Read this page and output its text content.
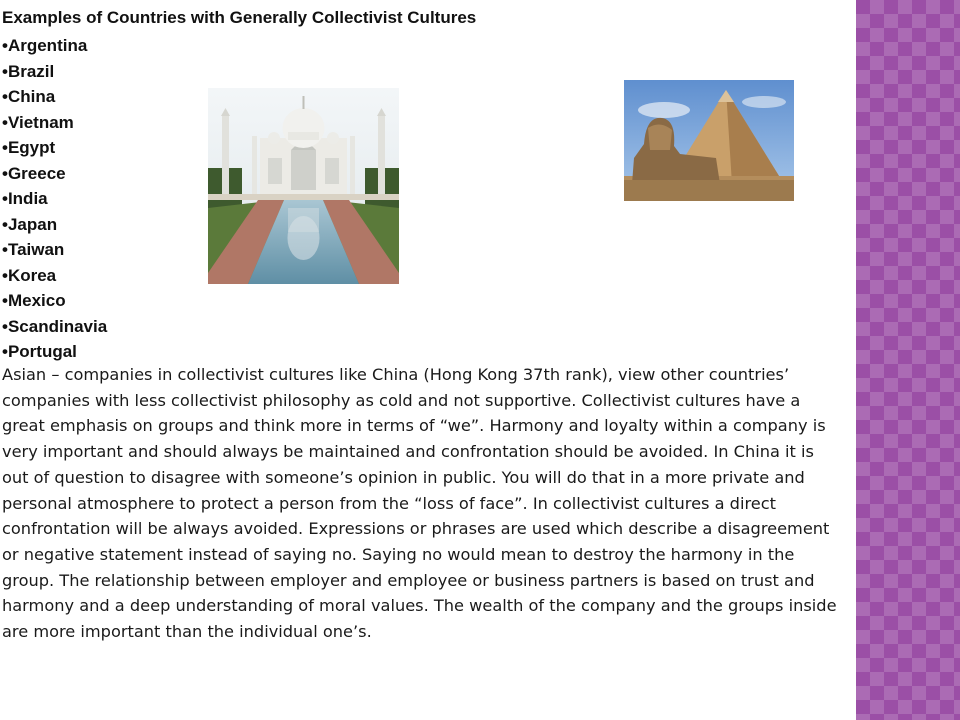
Examples of Countries with Generally Collectivist Cultures
•Argentina
•Brazil
•China
•Vietnam
•Egypt
•Greece
•India
•Japan
•Taiwan
•Korea
•Mexico
•Scandinavia
•Portugal

Asian – companies in collectivist cultures like China (Hong Kong 37th rank), view other countries’ companies with less collectivist philosophy as cold and not supportive. Collectivist cultures have a great emphasis on groups and think more in terms of “we”. Harmony and loyalty within a company is very important and should always be maintained and confrontation should be avoided. In China it is out of question to disagree with someone’s opinion in public. You will do that in a more private and personal atmosphere to protect a person from the “loss of face”. In collectivist cultures a direct confrontation will be always avoided. Expressions or phrases are used which describe a disagreement or negative statement instead of saying no. Saying no would mean to destroy the harmony in the group. The relationship between employer and employee or business partners is based on trust and harmony and a deep understanding of moral values. The wealth of the company and the groups inside are more important than the individual one’s.
